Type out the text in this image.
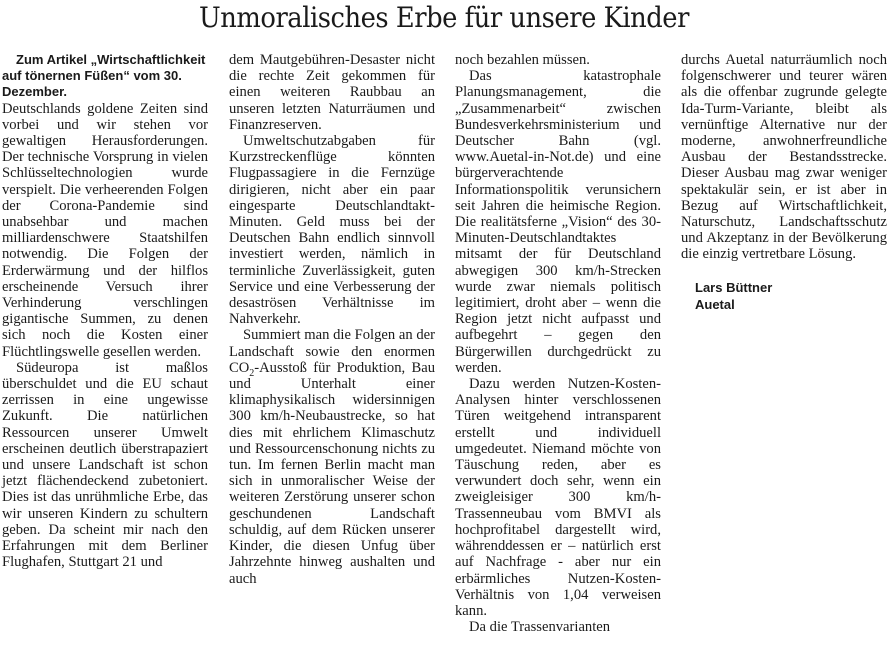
Unmoralisches Erbe für unsere Kinder

Zum Artikel „Wirtschaftlichkeit auf tönernen Füßen“ vom 30. Dezember.

Deutschlands goldene Zeiten sind vorbei und wir stehen vor gewaltigen Herausforderungen. Der technische Vorsprung in vielen Schlüsseltechnologien wurde verspielt. Die verheerenden Folgen der Corona-Pandemie sind unabsehbar und machen milliardenschwere Staatshilfen notwendig. Die Folgen der Erderwärmung und der hilflos erscheinende Versuch ihrer Verhinderung verschlingen gigantische Summen, zu denen sich noch die Kosten einer Flüchtlingswelle gesellen werden.

Südeuropa ist maßlos überschuldet und die EU schaut zerrissen in eine ungewisse Zukunft. Die natürlichen Ressourcen unserer Umwelt erscheinen deutlich überstrapaziert und unsere Landschaft ist schon jetzt flächendeckend zubetoniert. Dies ist das unrühmliche Erbe, das wir unseren Kindern zu schultern geben. Da scheint mir nach den Erfahrungen mit dem Berliner Flughafen, Stuttgart 21 und

dem Mautgebühren-Desaster nicht die rechte Zeit gekommen für einen weiteren Raubbau an unseren letzten Naturräumen und Finanzreserven.

Umweltschutzabgaben für Kurzstreckenflüge könnten Flugpassagiere in die Fernzüge dirigieren, nicht aber ein paar eingesparte Deutschlandtakt-Minuten. Geld muss bei der Deutschen Bahn endlich sinnvoll investiert werden, nämlich in terminliche Zuverlässigkeit, guten Service und eine Verbesserung der desaströsen Verhältnisse im Nahverkehr.

Summiert man die Folgen an der Landschaft sowie den enormen $CO_2$-Ausstoß für Produktion, Bau und Unterhalt einer klimaphysikalisch widersinnigen 300 km/h-Neubaustrecke, so hat dies mit ehrlichem Klimaschutz und Ressourcenschonung nichts zu tun. Im fernen Berlin macht man sich in unmoralischer Weise der weiteren Zerstörung unserer schon geschundenen Landschaft schuldig, auf dem Rücken unserer Kinder, die diesen Unfug über Jahrzehnte hinweg aushalten und auch

noch bezahlen müssen.

Das katastrophale Planungsmanagement, die „Zusammenarbeit“ zwischen Bundesverkehrsministerium und Deutscher Bahn (vgl. www.Auetal-in-Not.de) und eine bürgerverachtende Informationspolitik verunsichern seit Jahren die heimische Region. Die realitätsferne „Vision“ des 30-Minuten-Deutschlandtaktes mitsamt der für Deutschland abwegigen 300 km/h-Strecken wurde zwar niemals politisch legitimiert, droht aber – wenn die Region jetzt nicht aufpasst und aufbegehrt – gegen den Bürgerwillen durchgedrückt zu werden.

Dazu werden Nutzen-Kosten-Analysen hinter verschlossenen Türen weitgehend intransparent erstellt und individuell umgedeutet. Niemand möchte von Täuschung reden, aber es verwundert doch sehr, wenn ein zweigleisiger 300 km/h-Trassenneubau vom BMVI als hochprofitabel dargestellt wird, währenddessen er – natürlich erst auf Nachfrage - aber nur ein erbärmliches Nutzen-Kosten-Verhältnis von 1,04 verweisen kann.

Da die Trassenvarianten

durchs Auetal naturräumlich noch folgenschwerer und teurer wären als die offenbar zugrunde gelegte Ida-Turm-Variante, bleibt als vernünftige Alternative nur der moderne, anwohnerfreundliche Ausbau der Bestandsstrecke. Dieser Ausbau mag zwar weniger spektakulär sein, er ist aber in Bezug auf Wirtschaftlichkeit, Naturschutz, Landschaftsschutz und Akzeptanz in der Bevölkerung die einzig vertretbare Lösung.

Lars Büttner
Auetal
